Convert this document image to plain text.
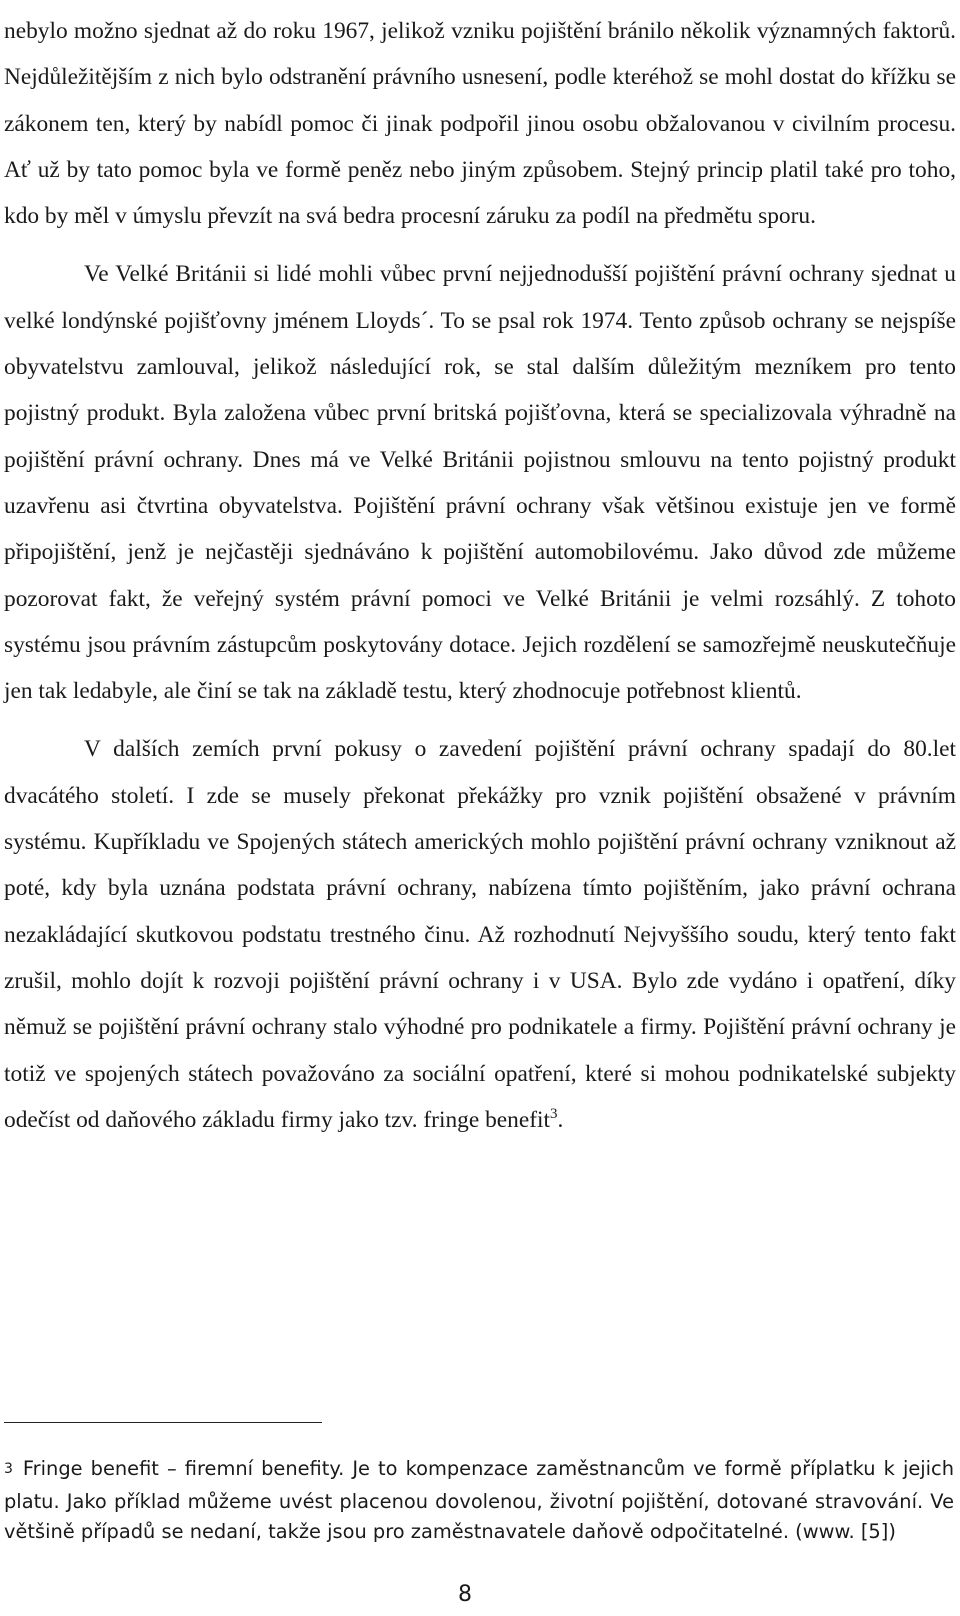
nebylo možno sjednat až do roku 1967, jelikož vzniku pojištění bránilo několik významných faktorů. Nejdůležitějším z nich bylo odstranění právního usnesení, podle kteréhož se mohl dostat do křížku se zákonem ten, který by nabídl pomoc či jinak podpořil jinou osobu obžalovanou v civilním procesu. Ať už by tato pomoc byla ve formě peněz nebo jiným způsobem. Stejný princip platil také pro toho, kdo by měl v úmyslu převzít na svá bedra procesní záruku za podíl na předmětu sporu.

Ve Velké Británii si lidé mohli vůbec první nejjednodušší pojištění právní ochrany sjednat u velké londýnské pojišťovny jménem Lloyds´. To se psal rok 1974. Tento způsob ochrany se nejspíše obyvatelstvu zamlouval, jelikož následující rok, se stal dalším důležitým mezníkem pro tento pojistný produkt. Byla založena vůbec první britská pojišťovna, která se specializovala výhradně na pojištění právní ochrany. Dnes má ve Velké Británii pojistnou smlouvu na tento pojistný produkt uzavřenu asi čtvrtina obyvatelstva. Pojištění právní ochrany však většinou existuje jen ve formě připojištění, jenž je nejčastěji sjednáváno k pojištění automobilovému. Jako důvod zde můžeme pozorovat fakt, že veřejný systém právní pomoci ve Velké Británii je velmi rozsáhlý. Z tohoto systému jsou právním zástupcům poskytovány dotace. Jejich rozdělení se samozřejmě neuskutečňuje jen tak ledabyle, ale činí se tak na základě testu, který zhodnocuje potřebnost klientů.

V dalších zemích první pokusy o zavedení pojištění právní ochrany spadají do 80.let dvacátého století. I zde se musely překonat překážky pro vznik pojištění obsažené v právním systému. Kupříkladu ve Spojených státech amerických mohlo pojištění právní ochrany vzniknout až poté, kdy byla uznána podstata právní ochrany, nabízena tímto pojištěním, jako právní ochrana nezakládající skutkovou podstatu trestného činu. Až rozhodnutí Nejvyššího soudu, který tento fakt zrušil, mohlo dojít k rozvoji pojištění právní ochrany i v USA. Bylo zde vydáno i opatření, díky němuž se pojištění právní ochrany stalo výhodné pro podnikatele a firmy. Pojištění právní ochrany je totiž ve spojených státech považováno za sociální opatření, které si mohou podnikatelské subjekty odečíst od daňového základu firmy jako tzv. fringe benefit$^3$.

3 Fringe benefit – firemní benefity. Je to kompenzace zaměstnancům ve formě příplatku k jejich platu. Jako příklad můžeme uvést placenou dovolenou, životní pojištění, dotované stravování. Ve většině případů se nedaní, takže jsou pro zaměstnavatele daňově odpočitatelné. (www. [5])
8
